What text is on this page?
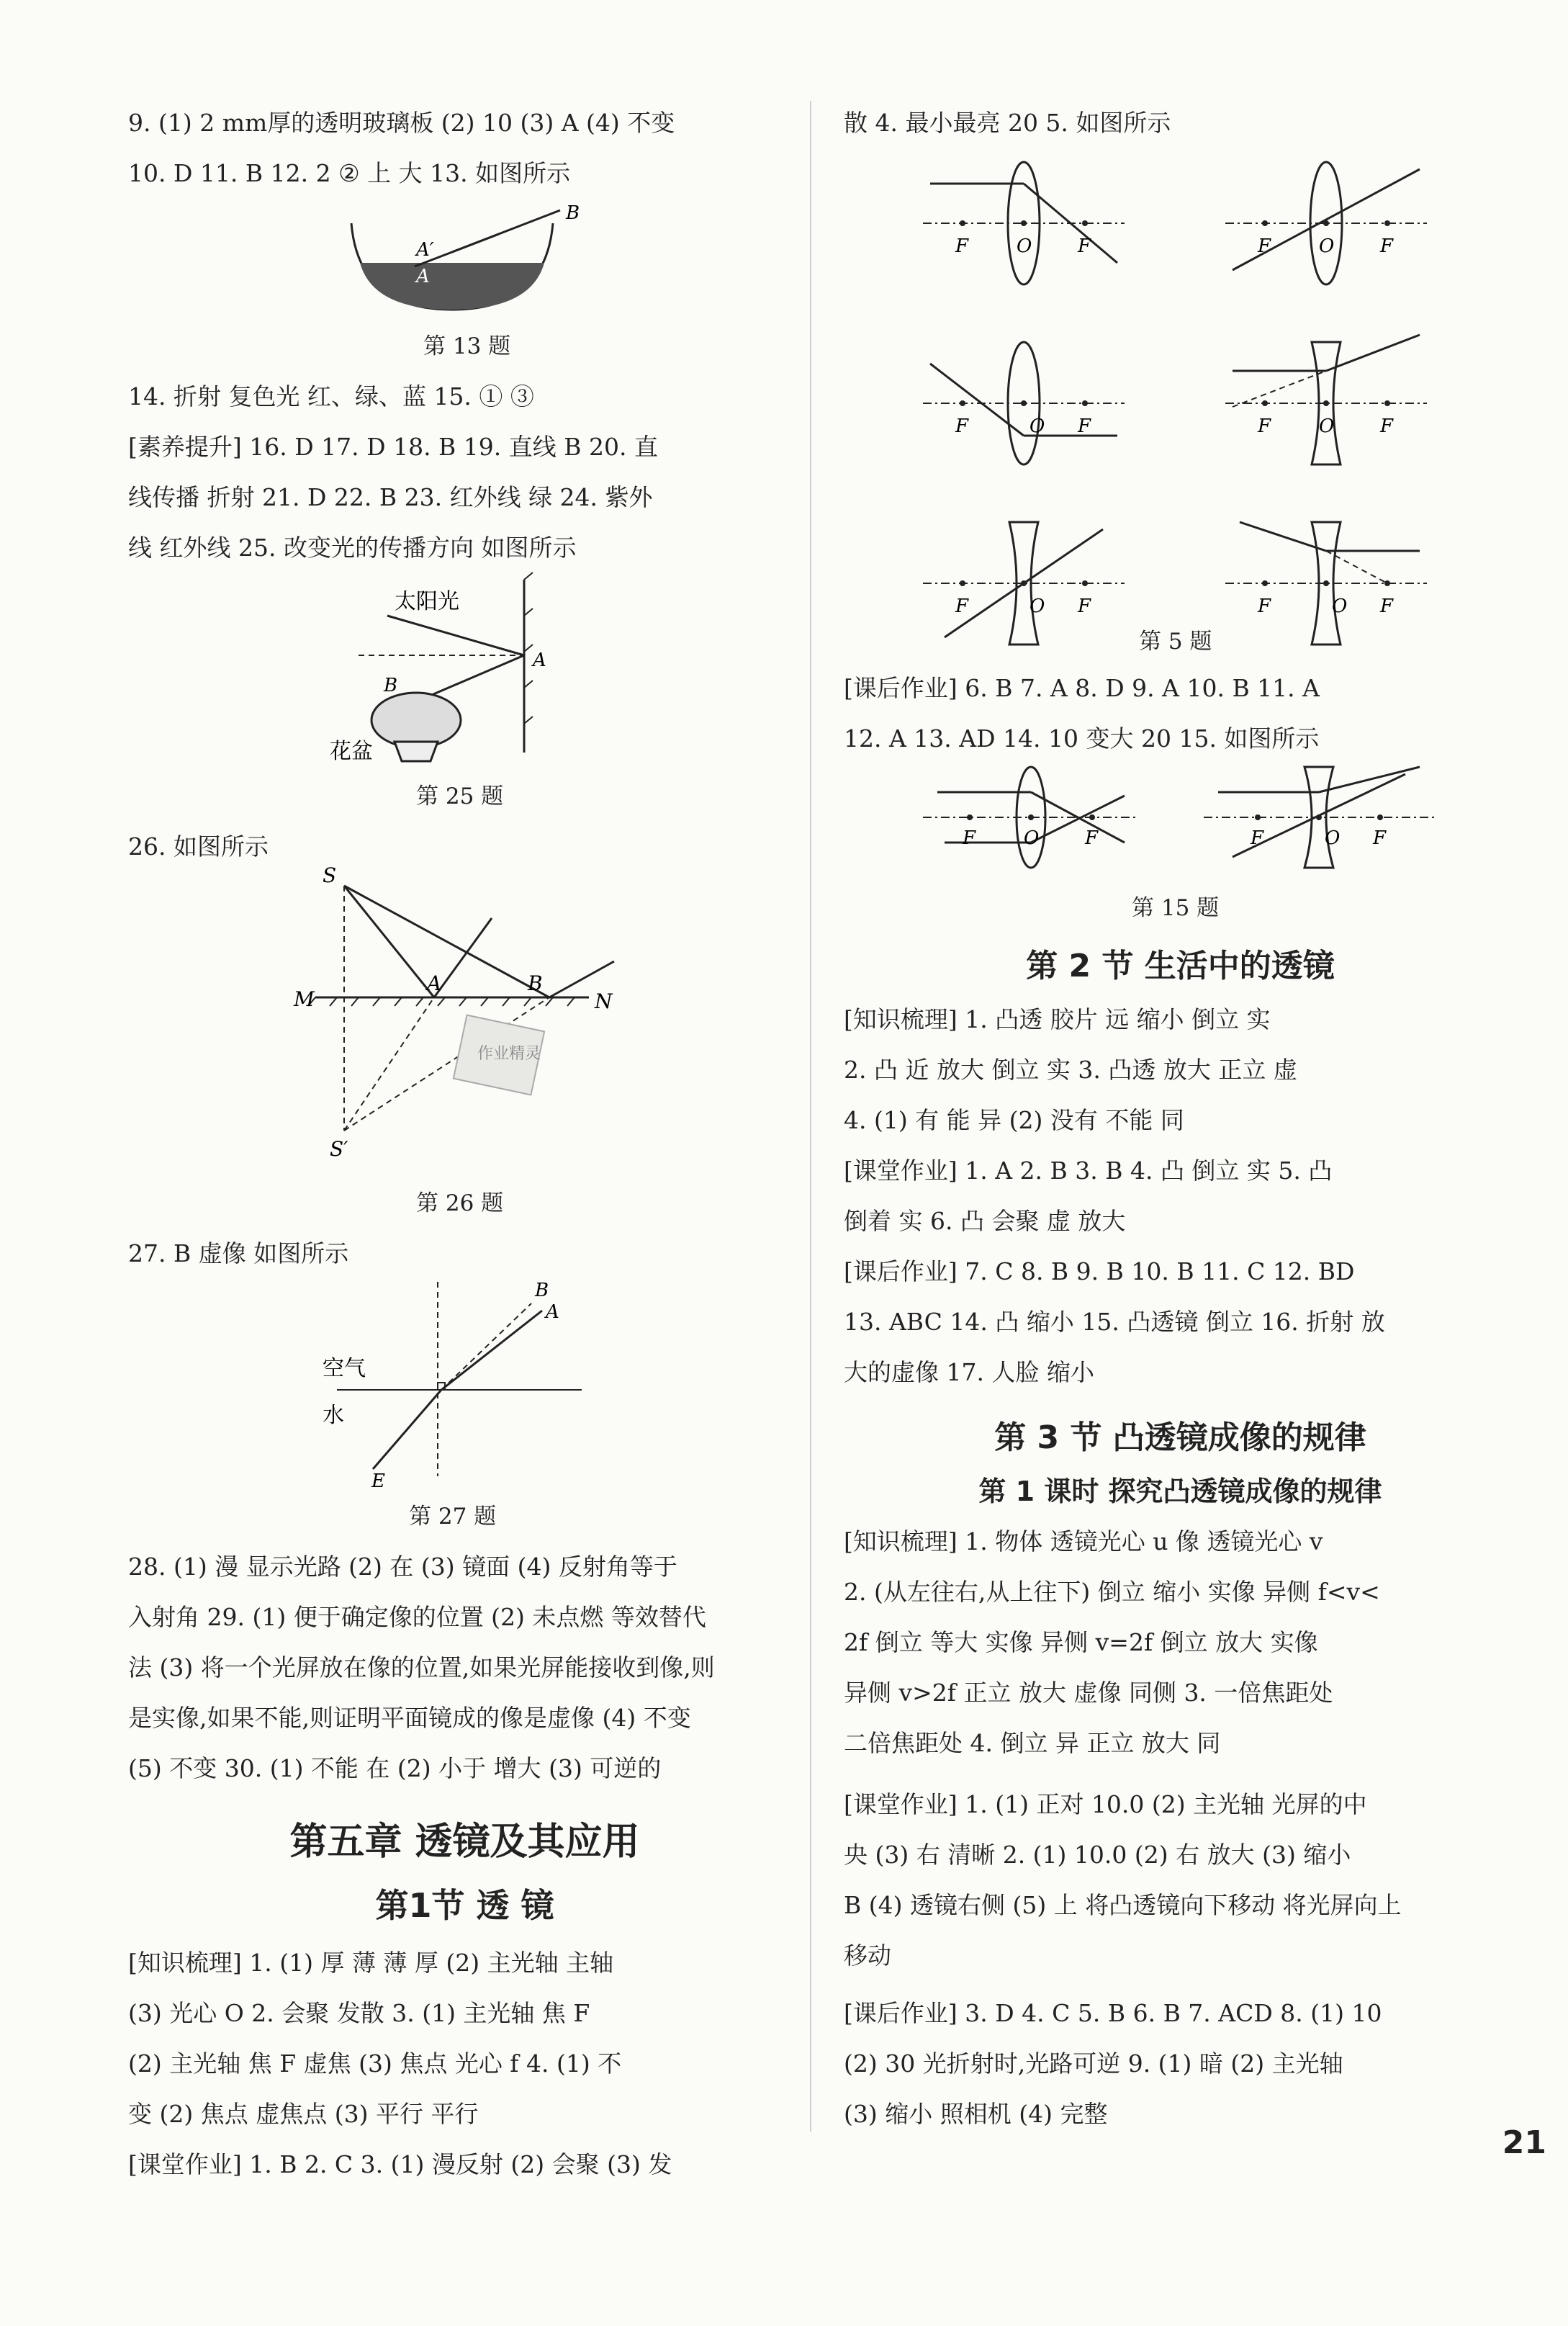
9. (1) 2 mm厚的透明玻璃板 (2) 10 (3) A (4) 不变
10. D 11. B 12. 2 ② 上 大 13. 如图所示
A′
A
B
第 13 题
14. 折射 复色光 红、绿、蓝 15. ① ③
[素养提升] 16. D 17. D 18. B 19. 直线 B 20. 直
线传播 折射 21. D 22. B 23. 红外线 绿 24. 紫外
线 红外线 25. 改变光的传播方向 如图所示
太阳光
A
B
花盆
第 25 题
26. 如图所示
作业精灵
S
M
A	B
N
S′
第 26 题
27. B 虚像 如图所示
B
A
空气
水
E
第 27 题
28. (1) 漫 显示光路 (2) 在 (3) 镜面 (4) 反射角等于
入射角 29. (1) 便于确定像的位置 (2) 未点燃 等效替代
法 (3) 将一个光屏放在像的位置,如果光屏能接收到像,则
是实像,如果不能,则证明平面镜成的像是虚像 (4) 不变
(5) 不变 30. (1) 不能 在 (2) 小于 增大 (3) 可逆的
第五章 透镜及其应用
第1节 透 镜
[知识梳理] 1. (1) 厚 薄 薄 厚 (2) 主光轴 主轴
(3) 光心 O 2. 会聚 发散 3. (1) 主光轴 焦 F
(2) 主光轴 焦 F 虚焦 (3) 焦点 光心 f 4. (1) 不
变 (2) 焦点 虚焦点 (3) 平行 平行
[课堂作业] 1. B 2. C 3. (1) 漫反射 (2) 会聚 (3) 发
散 4. 最小最亮 20 5. 如图所示
F	O F	F	O F
F	O F	F	O F
F	O F	F	O F
第 5 题
[课后作业] 6. B 7. A 8. D 9. A 10. B 11. A
12. A 13. AD 14. 10 变大 20 15. 如图所示
F	O F	F	O F
第 15 题
第 2 节 生活中的透镜
[知识梳理] 1. 凸透 胶片 远 缩小 倒立 实
2. 凸 近 放大 倒立 实 3. 凸透 放大 正立 虚
4. (1) 有 能 异 (2) 没有 不能 同
[课堂作业] 1. A 2. B 3. B 4. 凸 倒立 实 5. 凸
倒着 实 6. 凸 会聚 虚 放大
[课后作业] 7. C 8. B 9. B 10. B 11. C 12. BD
13. ABC 14. 凸 缩小 15. 凸透镜 倒立 16. 折射 放
大的虚像 17. 人脸 缩小
第 3 节 凸透镜成像的规律
第 1 课时 探究凸透镜成像的规律
[知识梳理] 1. 物体 透镜光心 u 像 透镜光心 v
2. (从左往右,从上往下) 倒立 缩小 实像 异侧 f<v<
2f 倒立 等大 实像 异侧 v=2f 倒立 放大 实像
异侧 v>2f 正立 放大 虚像 同侧 3. 一倍焦距处
二倍焦距处 4. 倒立 异 正立 放大 同
[课堂作业] 1. (1) 正对 10.0 (2) 主光轴 光屏的中
央 (3) 右 清晰 2. (1) 10.0 (2) 右 放大 (3) 缩小
B (4) 透镜右侧 (5) 上 将凸透镜向下移动 将光屏向上
移动
[课后作业] 3. D 4. C 5. B 6. B 7. ACD 8. (1) 10
(2) 30 光折射时,光路可逆 9. (1) 暗 (2) 主光轴
(3) 缩小 照相机 (4) 完整
21
